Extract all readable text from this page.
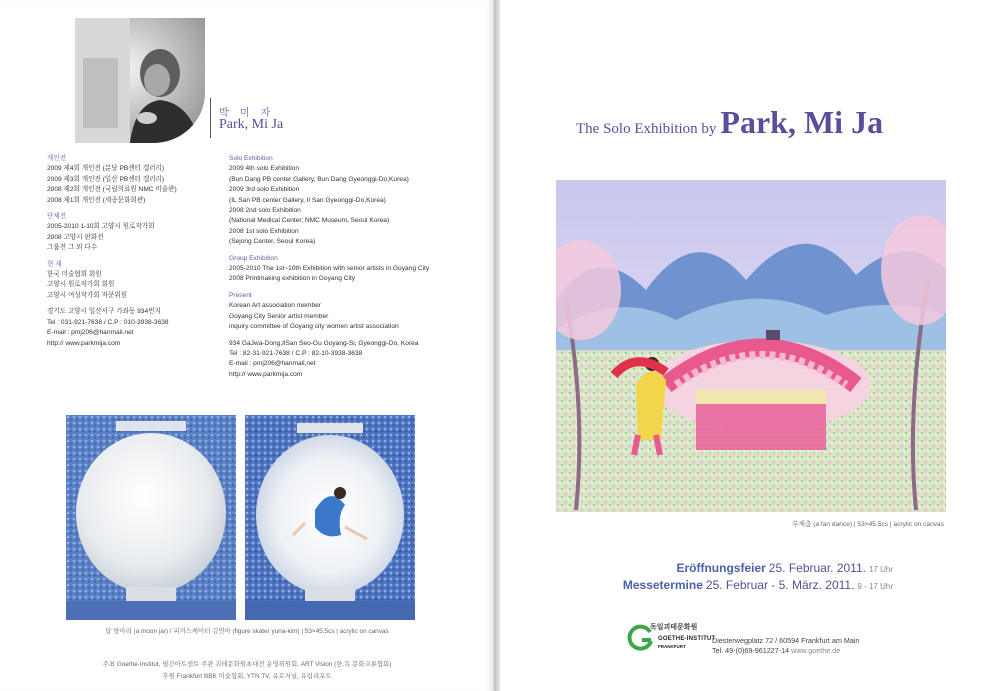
박 미 자
Park, Mi Ja
개인전
2009 제4회 개인전 (분당 PB센터 갤러리)
2009 제3회 개인전 (일산 PB센터 갤러리)
2008 제2회 개인전 (국립의료원 NMC 미술관)
2008 제1회 개인전 (세종문화회관)
단체전
2005-2010 1-10회 고양시 원로작가회
2008 고양시 판화전
그룹전 그 외 다수
현 재
한국 미술협회 회원
고양시 원로작가회 회원
고양시 여성작가회 자문위원
경기도 고양시 일산서구 가좌동 934번지
Tel : 031-921-7638 / C.P : 010-3938-3638
E-mail : pmj206@hanmail.net
http:// www.parkmija.com
Solo Exhibition
2009 4th solo Exhibition
(Bun Dang PB center Gallery, Bun Dang Gyeonggi-Do,Korea)
2009 3rd solo Exhibition
(IL San PB center Gallery, Il San Gyeonggi-Do,Korea)
2008 2nd solo Exhibition
(National Medical Center, NMC Museum, Seoul Korea)
2008 1st solo Exhibition
(Sejong Center, Seoul Korea)
Group Exhibition
2005-2010 The 1st~10th Exhibition with senior artists in Goyang City
2008 Printmaking exhibition in Goyang City
Present
Korean Art association member
Goyang City Senior artist member
inquiry committee of Goyang city women artist association
934 GaJwa-Dong,IlSan Seo-Gu Goyang-Si, Gyeonggi-Do, Korea
Tel : 82-31-921-7638 / C.P : 82-10-3938-3638
E-mail : pmj206@hanmail.net
http:// www.parkmija.com
달 항아리 (a moon jar) / 피겨스케이터 김연아 (figure skater yuna-kim) | 53×45.5cs | acrylic on canvas
주최 Goethe-Institut, 필간아트센트 주관 괴테문화원초대전 운영위원회, ART Vision (한.독 문화교류협회)
후원 Frankfurt BBK 미술협회, YTN TV, 유로저널, 유럽리포트
The Solo Exhibition by Park, Mi Ja
부채춤 (a fan dance) | 53×45.5cs | acrylic on canvas
Eröffnungsfeier 25. Februar. 2011. 17 Uhr
Messetermine 25. Februar - 5. März. 2011. 9 - 17 Uhr
독일괴테문화원
GOETHE-INSTITUT
FRANKFURT
Diesterwegplatz 72 / 60594 Frankfurt am Main
Tel. 49-(0)69-961227-14 www.goethe.de
